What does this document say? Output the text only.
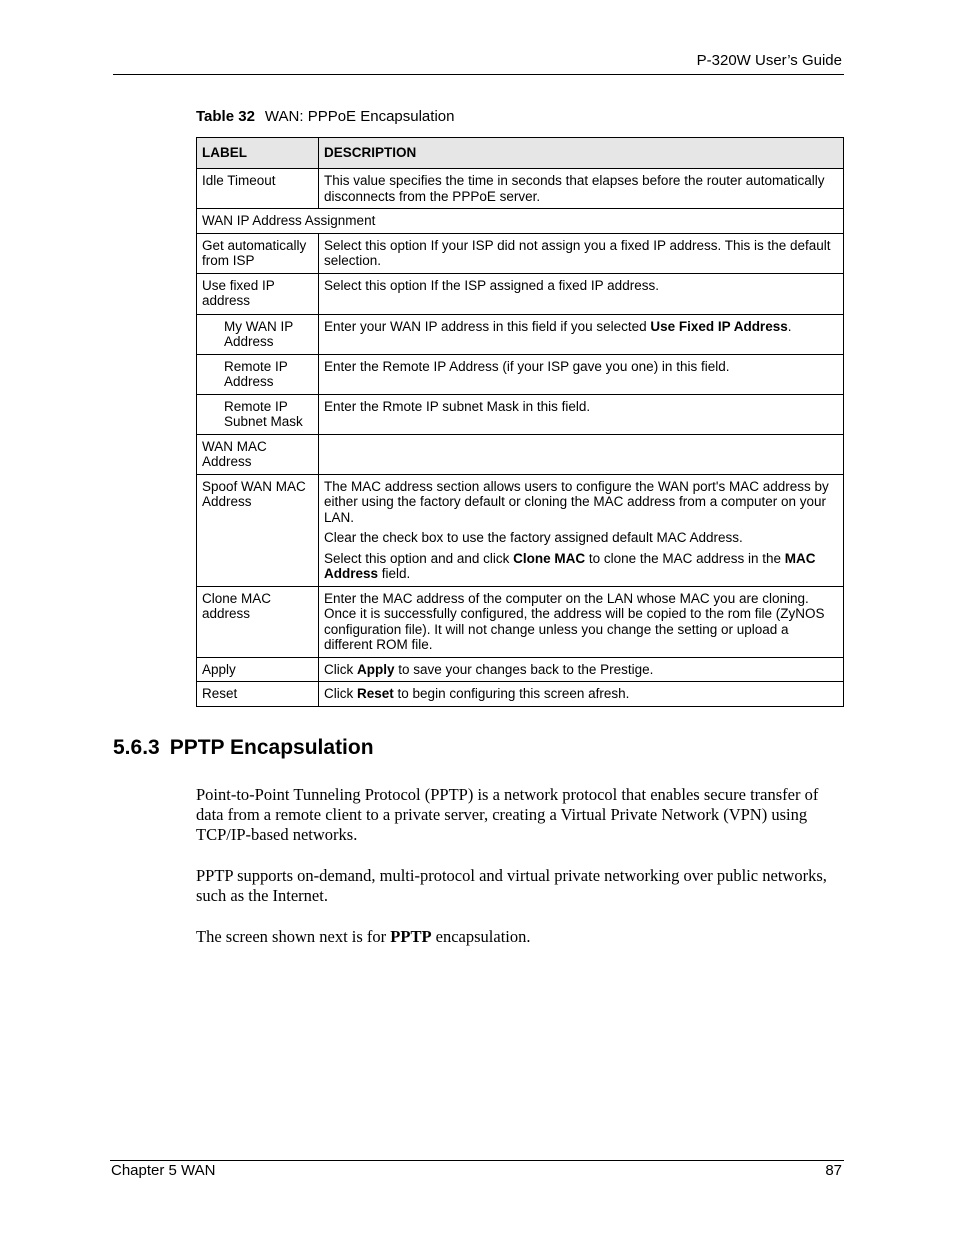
P-320W User’s Guide
Table 32 WAN: PPPoE Encapsulation
LABEL	DESCRIPTION
Idle Timeout	This value specifies the time in seconds that elapses before the router automatically disconnects from the PPPoE server.
WAN IP Address Assignment	
Get automatically from ISP	Select this option If your ISP did not assign you a fixed IP address. This is the default selection.
Use fixed IP address	Select this option If the ISP assigned a fixed IP address.
My WAN IP Address	Enter your WAN IP address in this field if you selected Use Fixed IP Address.
Remote IP Address	Enter the Remote IP Address (if your ISP gave you one) in this field.
Remote IP Subnet Mask	Enter the Rmote IP subnet Mask in this field.
WAN MAC Address	
Spoof WAN MAC Address	The MAC address section allows users to configure the WAN port's MAC address by either using the factory default or cloning the MAC address from a computer on your LAN.

Clear the check box to use the factory assigned default MAC Address.

Select this option and and click Clone MAC to clone the MAC address in the MAC Address field.

Clone MAC address	Enter the MAC address of the computer on the LAN whose MAC you are cloning. Once it is successfully configured, the address will be copied to the rom file (ZyNOS configuration file). It will not change unless you change the setting or upload a different ROM file.
Apply	Click Apply to save your changes back to the Prestige.
Reset	Click Reset to begin configuring this screen afresh.
5.6.3 PPTP Encapsulation
Point-to-Point Tunneling Protocol (PPTP) is a network protocol that enables secure transfer of data from a remote client to a private server, creating a Virtual Private Network (VPN) using TCP/IP-based networks.
PPTP supports on-demand, multi-protocol and virtual private networking over public networks, such as the Internet.
The screen shown next is for PPTP encapsulation.
Chapter 5 WAN	87
